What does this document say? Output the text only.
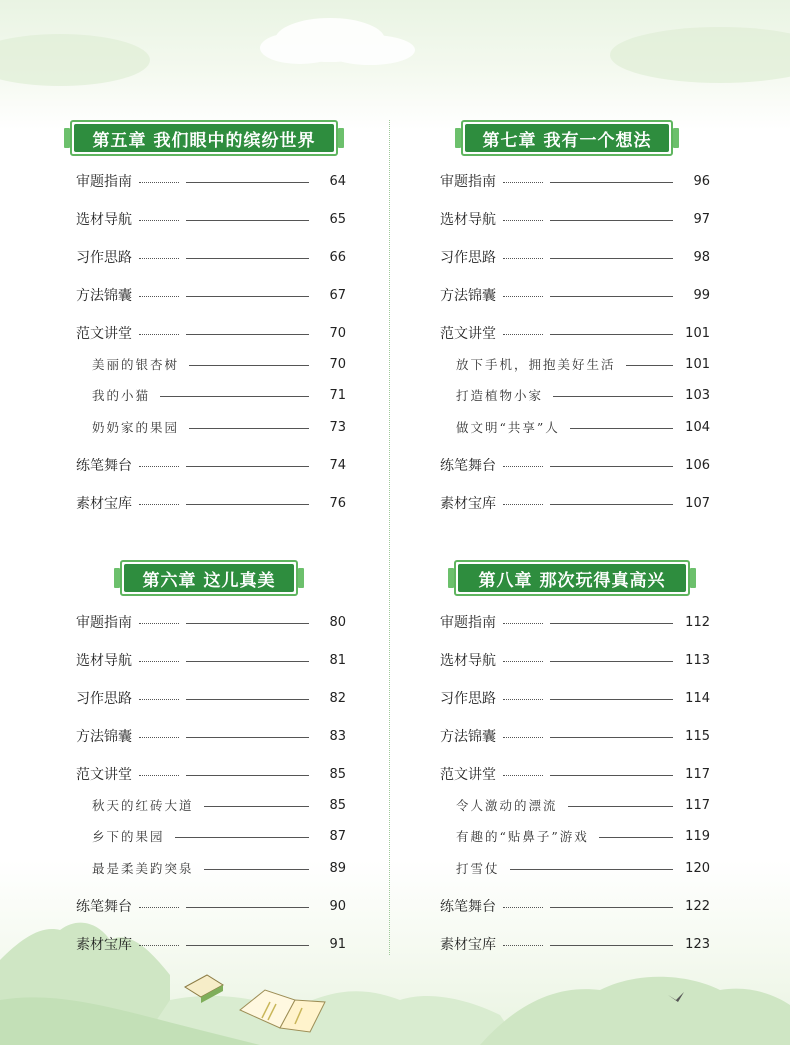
第五章 我们眼中的缤纷世界
审题指南	64
选材导航	65
习作思路	66
方法锦囊	67
范文讲堂	70
美丽的银杏树	70
我的小猫	71
奶奶家的果园	73
练笔舞台	74
素材宝库	76
第七章 我有一个想法
审题指南	96
选材导航	97
习作思路	98
方法锦囊	99
范文讲堂	101
放下手机，拥抱美好生活	101
打造植物小家	103
做文明“共享”人	104
练笔舞台	106
素材宝库	107
第六章 这儿真美
审题指南	80
选材导航	81
习作思路	82
方法锦囊	83
范文讲堂	85
秋天的红砖大道	85
乡下的果园	87
最是柔美趵突泉	89
练笔舞台	90
素材宝库	91
第八章 那次玩得真高兴
审题指南	112
选材导航	113
习作思路	114
方法锦囊	115
范文讲堂	117
令人激动的漂流	117
有趣的“贴鼻子”游戏	119
打雪仗	120
练笔舞台	122
素材宝库	123
